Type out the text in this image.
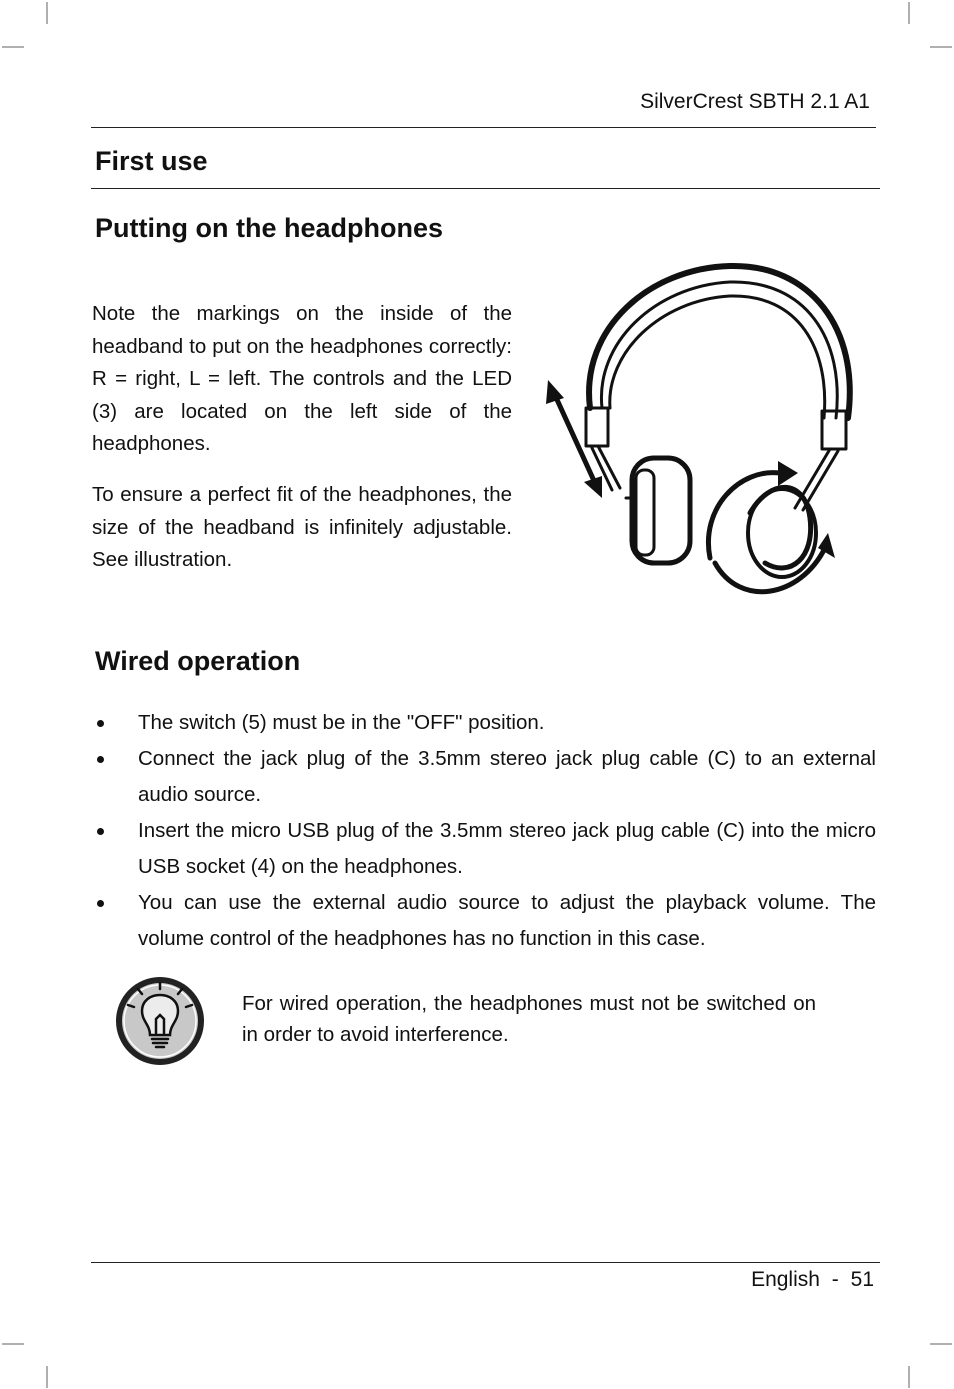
SilverCrest SBTH 2.1 A1
First use
Putting on the headphones

Note the markings on the inside of the headband to put on the headphones correctly: R = right, L = left. The controls and the LED (3) are located on the left side of the headphones.

To ensure a perfect fit of the headphones, the size of the headband is infinitely adjustable. See illustration.

Wired operation
The switch (5) must be in the "OFF" position.
Connect the jack plug of the 3.5mm stereo jack plug cable (C) to an external audio source.
Insert the micro USB plug of the 3.5mm stereo jack plug cable (C) into the micro USB socket (4) on the headphones.
You can use the external audio source to adjust the playback volume. The volume control of the headphones has no function in this case.

For wired operation, the headphones must not be switched on in order to avoid interference.

English - 51
